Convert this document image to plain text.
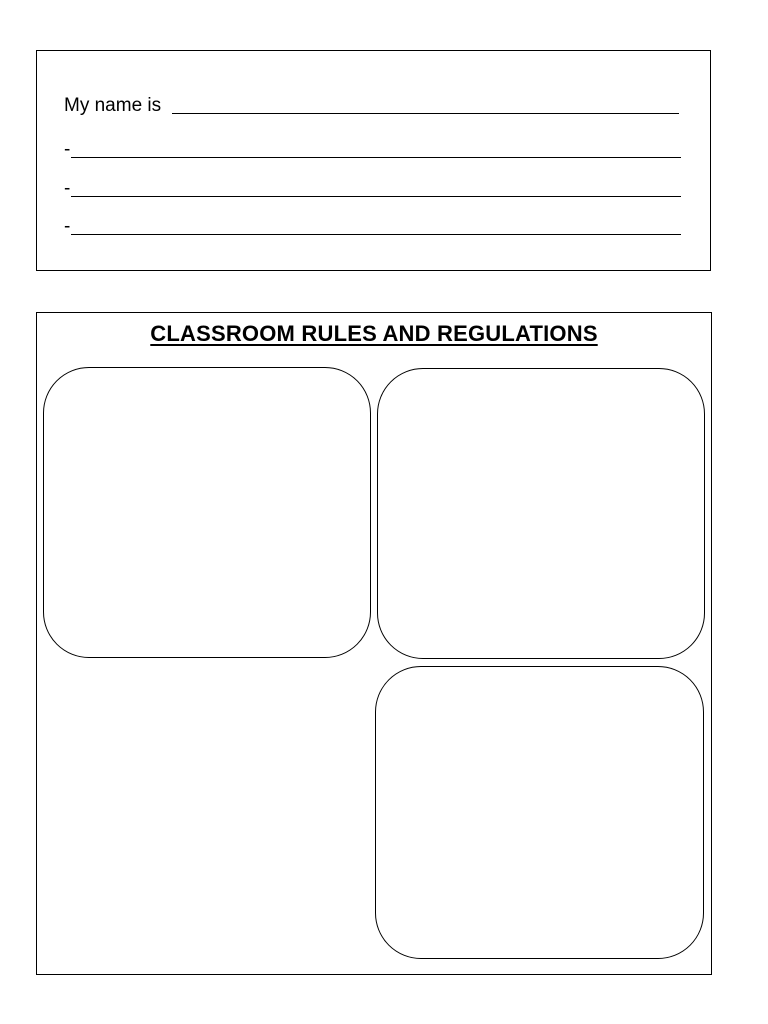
My name is
-
-
-
CLASSROOM RULES AND REGULATIONS
